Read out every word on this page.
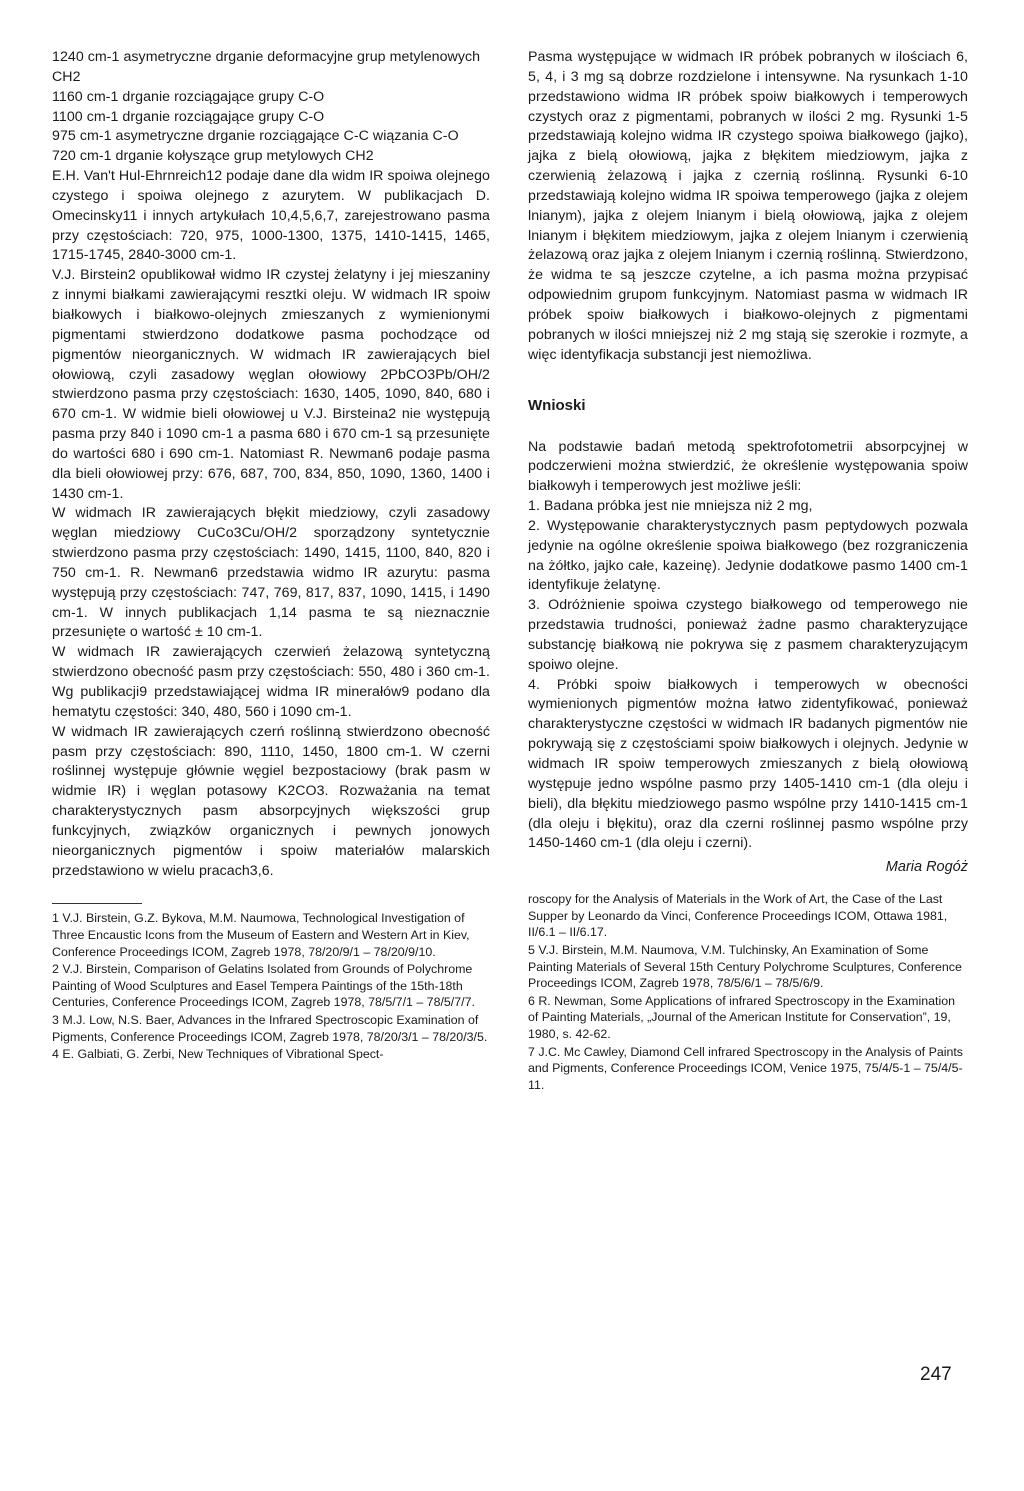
1240 cm-1 asymetryczne drganie deformacyjne grup metylenowych CH2

1160 cm-1 drganie rozciągające grupy C-O

1100 cm-1 drganie rozciągające grupy C-O

975 cm-1 asymetryczne drganie rozciągające C-C wiązania C-O

720 cm-1 drganie kołyszące grup metylowych CH2

E.H. Van't Hul-Ehrnreich12 podaje dane dla widm IR spoiwa olejnego czystego i spoiwa olejnego z azurytem. W publikacjach D. Omecinsky11 i innych artykułach 10,4,5,6,7, zarejestrowano pasma przy częstościach: 720, 975, 1000-1300, 1375, 1410-1415, 1465, 1715-1745, 2840-3000 cm-1.

V.J. Birstein2 opublikował widmo IR czystej żelatyny i jej mieszaniny z innymi białkami zawierającymi resztki oleju. W widmach IR spoiw białkowych i białkowo-olejnych zmieszanych z wymienionymi pigmentami stwierdzono dodatkowe pasma pochodzące od pigmentów nieorganicznych. W widmach IR zawierających biel ołowiową, czyli zasadowy węglan ołowiowy 2PbCO3Pb/OH/2 stwierdzono pasma przy częstościach: 1630, 1405, 1090, 840, 680 i 670 cm-1. W widmie bieli ołowiowej u V.J. Birsteina2 nie występują pasma przy 840 i 1090 cm-1 a pasma 680 i 670 cm-1 są przesunięte do wartości 680 i 690 cm-1. Natomiast R. Newman6 podaje pasma dla bieli ołowiowej przy: 676, 687, 700, 834, 850, 1090, 1360, 1400 i 1430 cm-1.

W widmach IR zawierających błękit miedziowy, czyli zasadowy węglan miedziowy CuCo3Cu/OH/2 sporządzony syntetycznie stwierdzono pasma przy częstościach: 1490, 1415, 1100, 840, 820 i 750 cm-1. R. Newman6 przedstawia widmo IR azurytu: pasma występują przy częstościach: 747, 769, 817, 837, 1090, 1415, i 1490 cm-1. W innych publikacjach 1,14 pasma te są nieznacznie przesunięte o wartość ± 10 cm-1.

W widmach IR zawierających czerwień żelazową syntetyczną stwierdzono obecność pasm przy częstościach: 550, 480 i 360 cm-1. Wg publikacji9 przedstawiającej widma IR minerałów9 podano dla hematytu częstości: 340, 480, 560 i 1090 cm-1.

W widmach IR zawierających czerń roślinną stwierdzono obecność pasm przy częstościach: 890, 1110, 1450, 1800 cm-1. W czerni roślinnej występuje głównie węgiel bezpostaciowy (brak pasm w widmie IR) i węglan potasowy K2CO3. Rozważania na temat charakterystycznych pasm absorpcyjnych większości grup funkcyjnych, związków organicznych i pewnych jonowych nieorganicznych pigmentów i spoiw materiałów malarskich przedstawiono w wielu pracach3,6.

1 V.J. Birstein, G.Z. Bykova, M.M. Naumowa, Technological Investigation of Three Encaustic Icons from the Museum of Eastern and Western Art in Kiev, Conference Proceedings ICOM, Zagreb 1978, 78/20/9/1 – 78/20/9/10.

2 V.J. Birstein, Comparison of Gelatins Isolated from Grounds of Polychrome Painting of Wood Sculptures and Easel Tempera Paintings of the 15th-18th Centuries, Conference Proceedings ICOM, Zagreb 1978, 78/5/7/1 – 78/5/7/7.

3 M.J. Low, N.S. Baer, Advances in the Infrared Spectroscopic Examination of Pigments, Conference Proceedings ICOM, Zagreb 1978, 78/20/3/1 – 78/20/3/5.

4 E. Galbiati, G. Zerbi, New Techniques of Vibrational Spect-

Pasma występujące w widmach IR próbek pobranych w ilościach 6, 5, 4, i 3 mg są dobrze rozdzielone i intensywne. Na rysunkach 1-10 przedstawiono widma IR próbek spoiw białkowych i temperowych czystych oraz z pigmentami, pobranych w ilości 2 mg. Rysunki 1-5 przedstawiają kolejno widma IR czystego spoiwa białkowego (jajko), jajka z bielą ołowiową, jajka z błękitem miedziowym, jajka z czerwienią żelazową i jajka z czernią roślinną. Rysunki 6-10 przedstawiają kolejno widma IR spoiwa temperowego (jajka z olejem lnianym), jajka z olejem lnianym i bielą ołowiową, jajka z olejem lnianym i błękitem miedziowym, jajka z olejem lnianym i czerwienią żelazową oraz jajka z olejem lnianym i czernią roślinną. Stwierdzono, że widma te są jeszcze czytelne, a ich pasma można przypisać odpowiednim grupom funkcyjnym. Natomiast pasma w widmach IR próbek spoiw białkowych i białkowo-olejnych z pigmentami pobranych w ilości mniejszej niż 2 mg stają się szerokie i rozmyte, a więc identyfikacja substancji jest niemożliwa.

Wnioski

Na podstawie badań metodą spektrofotometrii absorpcyjnej w podczerwieni można stwierdzić, że określenie występowania spoiw białkowyh i temperowych jest możliwe jeśli:

1. Badana próbka jest nie mniejsza niż 2 mg,

2. Występowanie charakterystycznych pasm peptydowych pozwala jedynie na ogólne określenie spoiwa białkowego (bez rozgraniczenia na żółtko, jajko całe, kazeinę). Jedynie dodatkowe pasmo 1400 cm-1 identyfikuje żelatynę.

3. Odróżnienie spoiwa czystego białkowego od temperowego nie przedstawia trudności, ponieważ żadne pasmo charakteryzujące substancję białkową nie pokrywa się z pasmem charakteryzującym spoiwo olejne.

4. Próbki spoiw białkowych i temperowych w obecności wymienionych pigmentów można łatwo zidentyfikować, ponieważ charakterystyczne częstości w widmach IR badanych pigmentów nie pokrywają się z częstościami spoiw białkowych i olejnych. Jedynie w widmach IR spoiw temperowych zmieszanych z bielą ołowiową występuje jedno wspólne pasmo przy 1405-1410 cm-1 (dla oleju i bieli), dla błękitu miedziowego pasmo wspólne przy 1410-1415 cm-1 (dla oleju i błękitu), oraz dla czerni roślinnej pasmo wspólne przy 1450-1460 cm-1 (dla oleju i czerni).

Maria Rogóż

roscopy for the Analysis of Materials in the Work of Art, the Case of the Last Supper by Leonardo da Vinci, Conference Proceedings ICOM, Ottawa 1981, II/6.1 – II/6.17.

5 V.J. Birstein, M.M. Naumova, V.M. Tulchinsky, An Examination of Some Painting Materials of Several 15th Century Polychrome Sculptures, Conference Proceedings ICOM, Zagreb 1978, 78/5/6/1 – 78/5/6/9.

6 R. Newman, Some Applications of infrared Spectroscopy in the Examination of Painting Materials, „Journal of the American Institute for Conservation”, 19, 1980, s. 42-62.

7 J.C. Mc Cawley, Diamond Cell infrared Spectroscopy in the Analysis of Paints and Pigments, Conference Proceedings ICOM, Venice 1975, 75/4/5-1 – 75/4/5-11.

247
